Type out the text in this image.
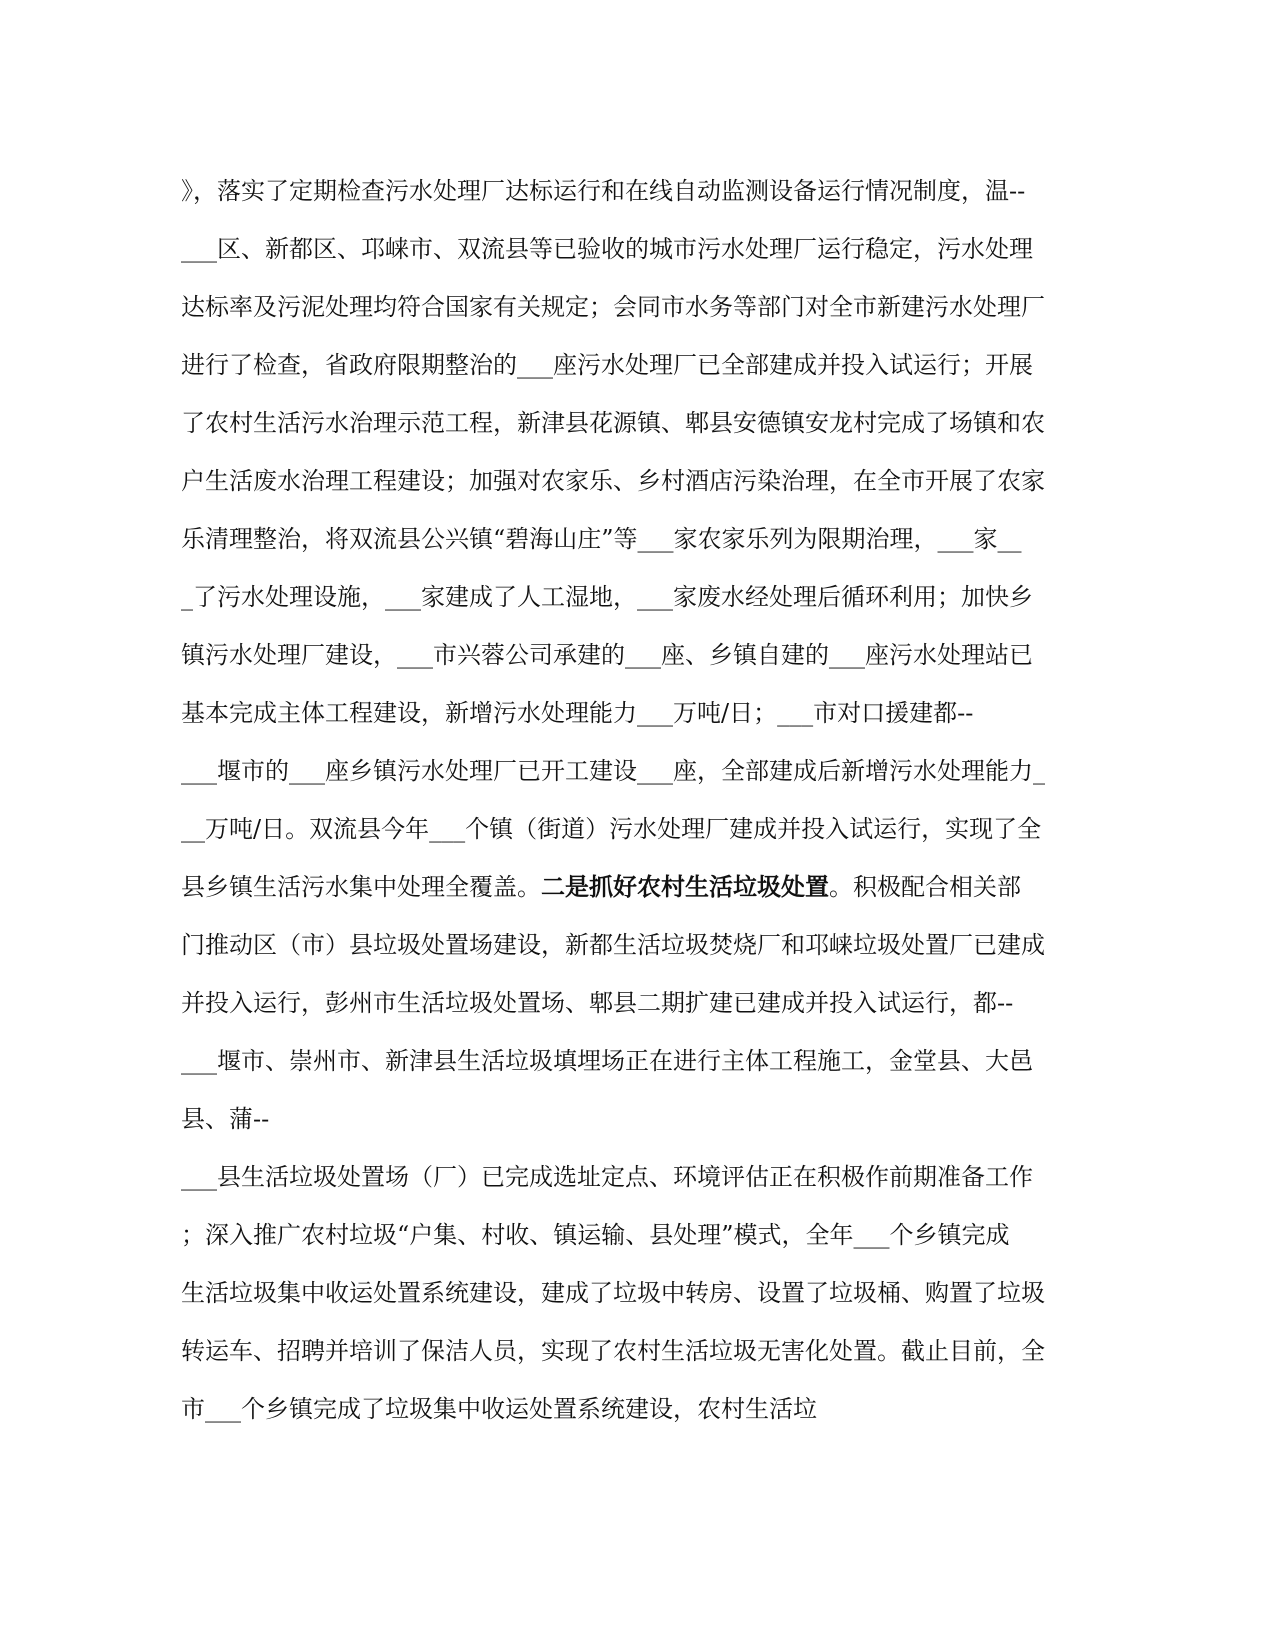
》，落实了定期检查污水处理厂达标运行和在线自动监测设备运行情况制度，温--
___区、新都区、邛崃市、双流县等已验收的城市污水处理厂运行稳定，污水处理
达标率及污泥处理均符合国家有关规定；会同市水务等部门对全市新建污水处理厂
进行了检查，省政府限期整治的___座污水处理厂已全部建成并投入试运行；开展
了农村生活污水治理示范工程，新津县花源镇、郫县安德镇安龙村完成了场镇和农
户生活废水治理工程建设；加强对农家乐、乡村酒店污染治理，在全市开展了农家
乐清理整治，将双流县公兴镇“碧海山庄”等___家农家乐列为限期治理，___家__
_了污水处理设施，___家建成了人工湿地，___家废水经处理后循环利用；加快乡
镇污水处理厂建设，___市兴蓉公司承建的___座、乡镇自建的___座污水处理站已
基本完成主体工程建设，新增污水处理能力___万吨/日；___市对口援建都--
___堰市的___座乡镇污水处理厂已开工建设___座，全部建成后新增污水处理能力_
__万吨/日。双流县今年___个镇（街道）污水处理厂建成并投入试运行，实现了全
县乡镇生活污水集中处理全覆盖。二是抓好农村生活垃圾处置。积极配合相关部
门推动区（市）县垃圾处置场建设，新都生活垃圾焚烧厂和邛崃垃圾处置厂已建成
并投入运行，彭州市生活垃圾处置场、郫县二期扩建已建成并投入试运行，都--
___堰市、崇州市、新津县生活垃圾填埋场正在进行主体工程施工，金堂县、大邑
县、蒲--
___县生活垃圾处置场（厂）已完成选址定点、环境评估正在积极作前期准备工作
；深入推广农村垃圾“户集、村收、镇运输、县处理”模式，全年___个乡镇完成
生活垃圾集中收运处置系统建设，建成了垃圾中转房、设置了垃圾桶、购置了垃圾
转运车、招聘并培训了保洁人员，实现了农村生活垃圾无害化处置。截止目前，全
市___个乡镇完成了垃圾集中收运处置系统建设，农村生活垃
